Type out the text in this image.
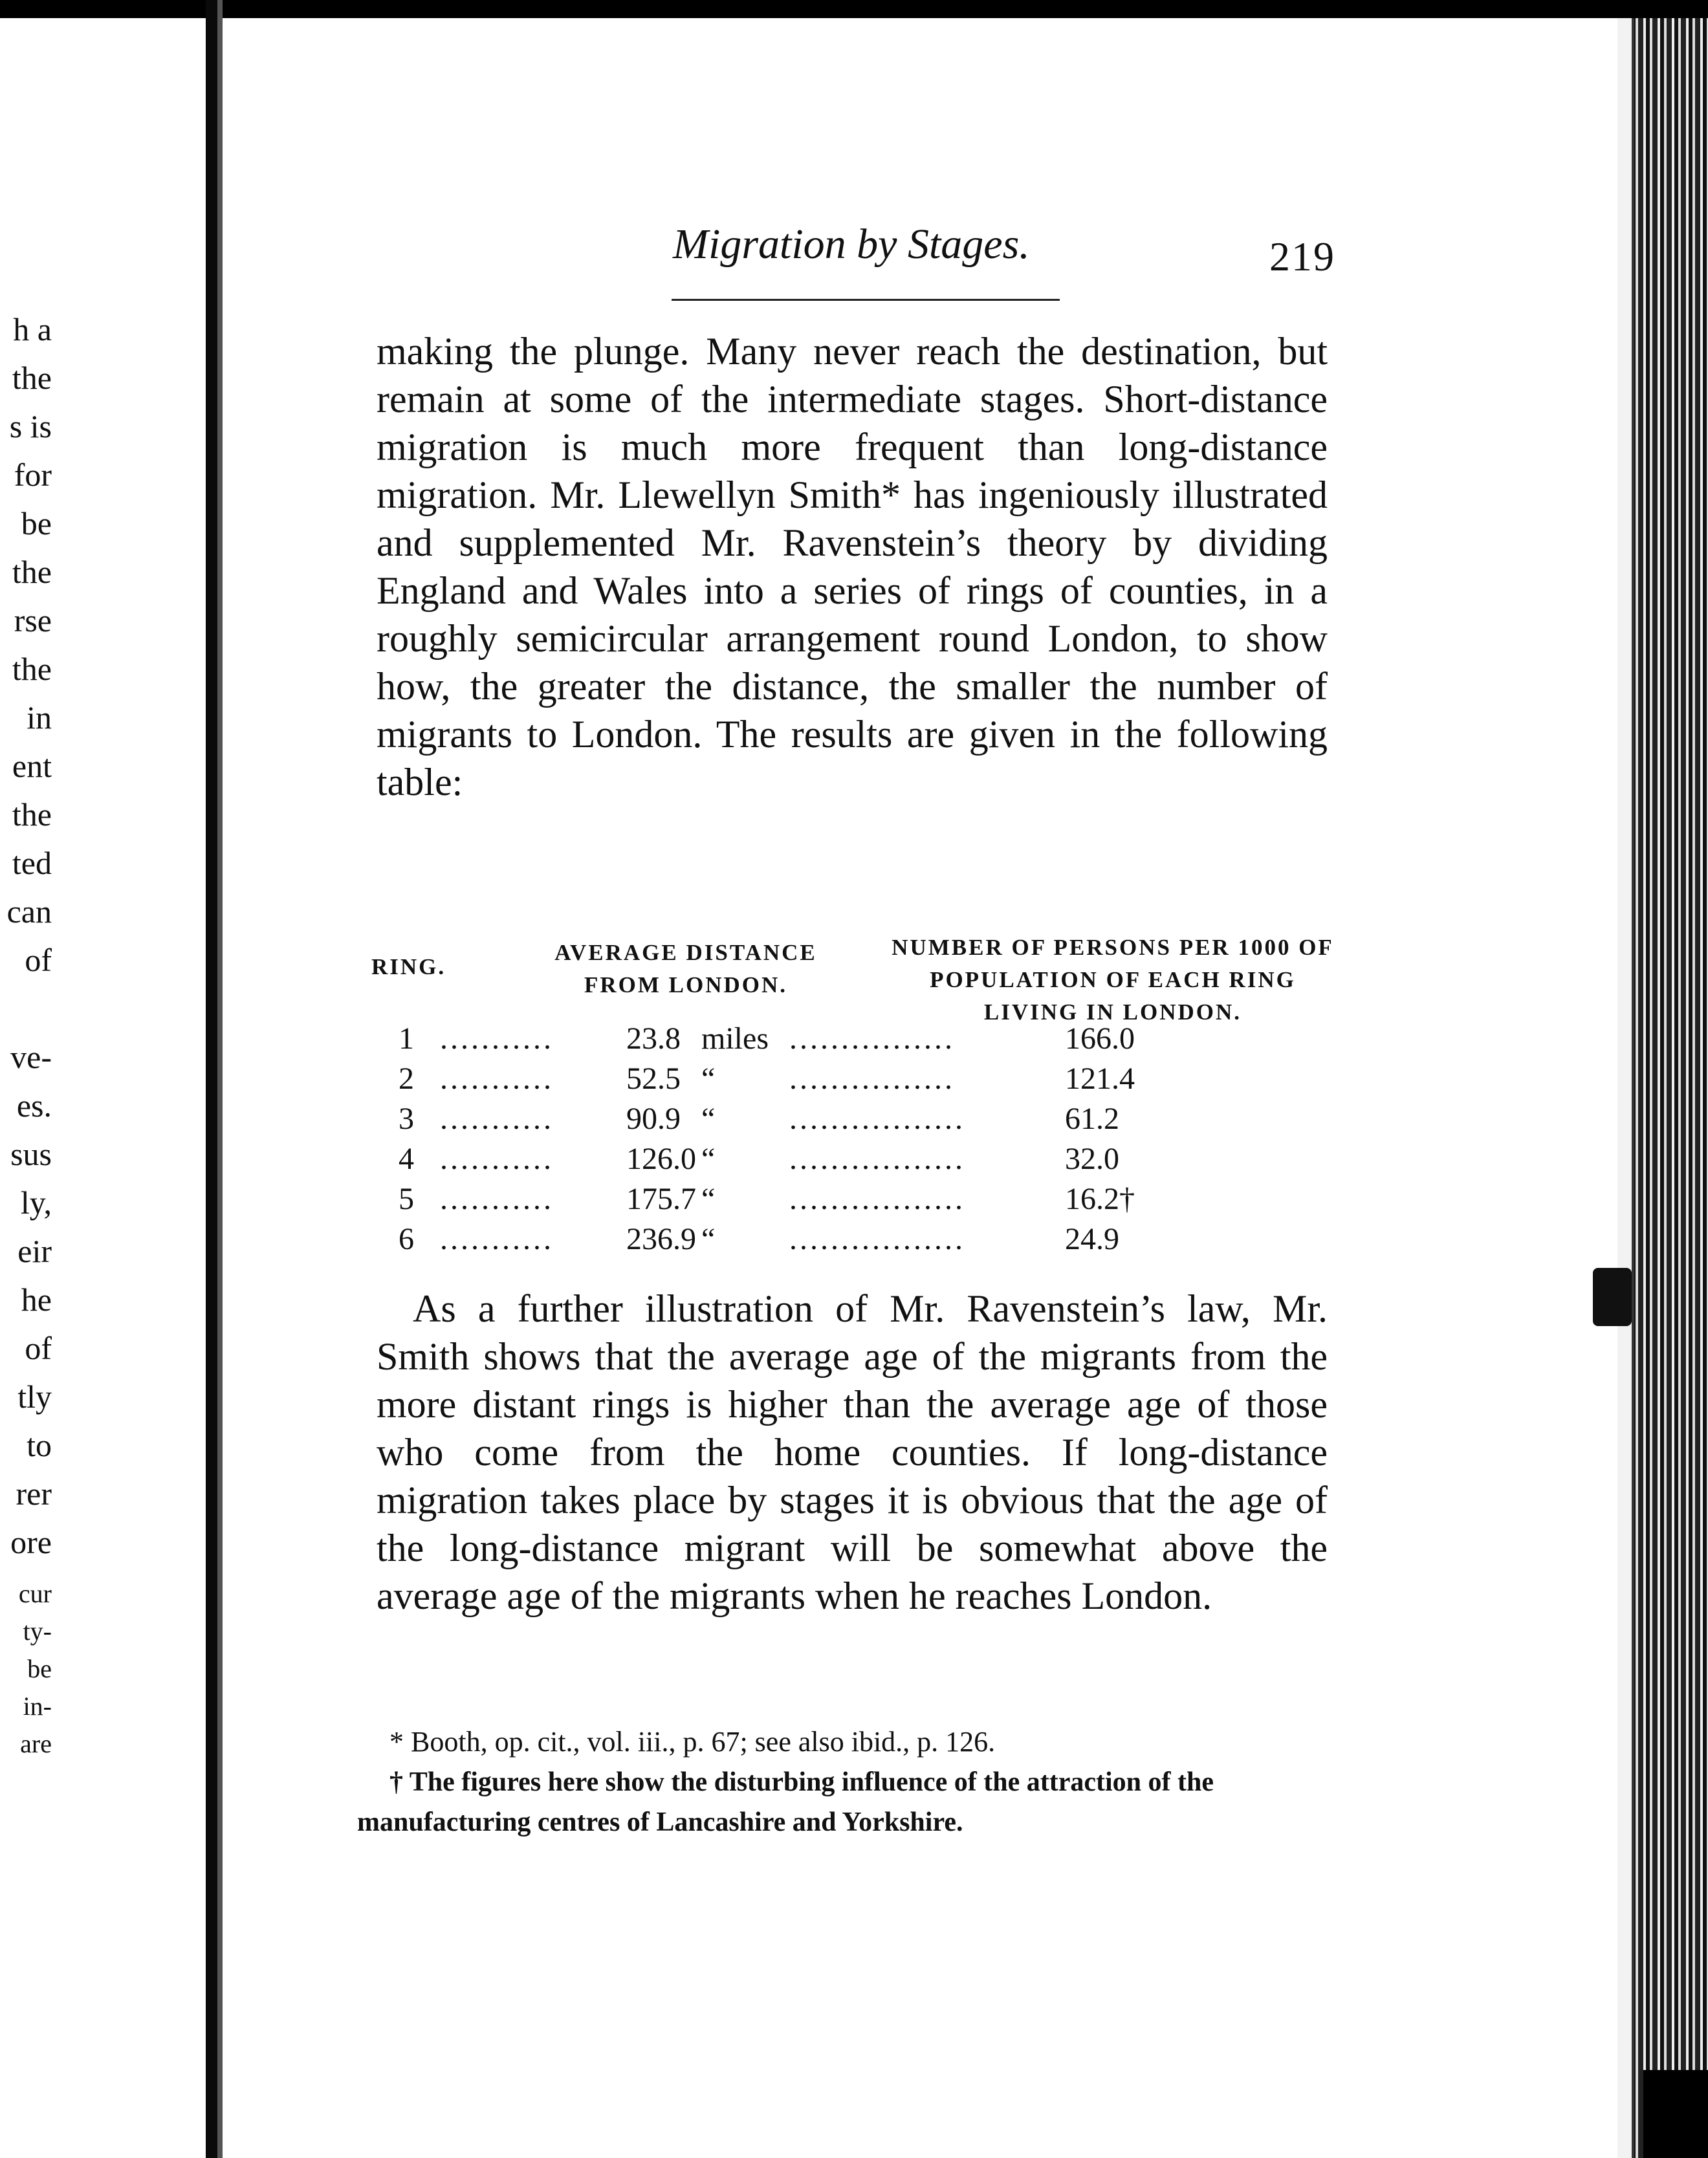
h a
the
s is
for
be
the
rse
the
in
ent
the
ted
can
of
ve-
es.
sus
ly,
eir
he
of
tly
to
rer
ore
cur
ty-
be
in-
are
Migration by Stages.	219
making the plunge. Many never reach the destination, but remain at some of the intermediate stages. Short-distance migration is much more frequent than long-distance migration. Mr. Llewellyn Smith* has ingeniously illustrated and supplemented Mr. Ravenstein’s theory by dividing England and Wales into a series of rings of counties, in a roughly semicircular arrangement round London, to show how, the greater the distance, the smaller the number of migrants to London. The results are given in the following table:
RING.
AVERAGE DISTANCE FROM LONDON.
NUMBER OF PERSONS PER 1000 OF POPULATION OF EACH RING LIVING IN LONDON.
1 ........... 23.8 miles ................	166.0
2 ........... 52.5 “ ................	121.4
3 ........... 90.9 “ .................	61.2
4 ........... 126.0 “ .................	32.0
5 ........... 175.7 “ .................	16.2†
6 ........... 236.9 “ .................	24.9
As a further illustration of Mr. Ravenstein’s law, Mr. Smith shows that the average age of the migrants from the more distant rings is higher than the average age of those who come from the home counties. If long-distance migration takes place by stages it is obvious that the age of the long-distance migrant will be somewhat above the average age of the migrants when he reaches London.
* Booth, op. cit., vol. iii., p. 67; see also ibid., p. 126.
† The figures here show the disturbing influence of the attraction of the manufacturing centres of Lancashire and Yorkshire.
